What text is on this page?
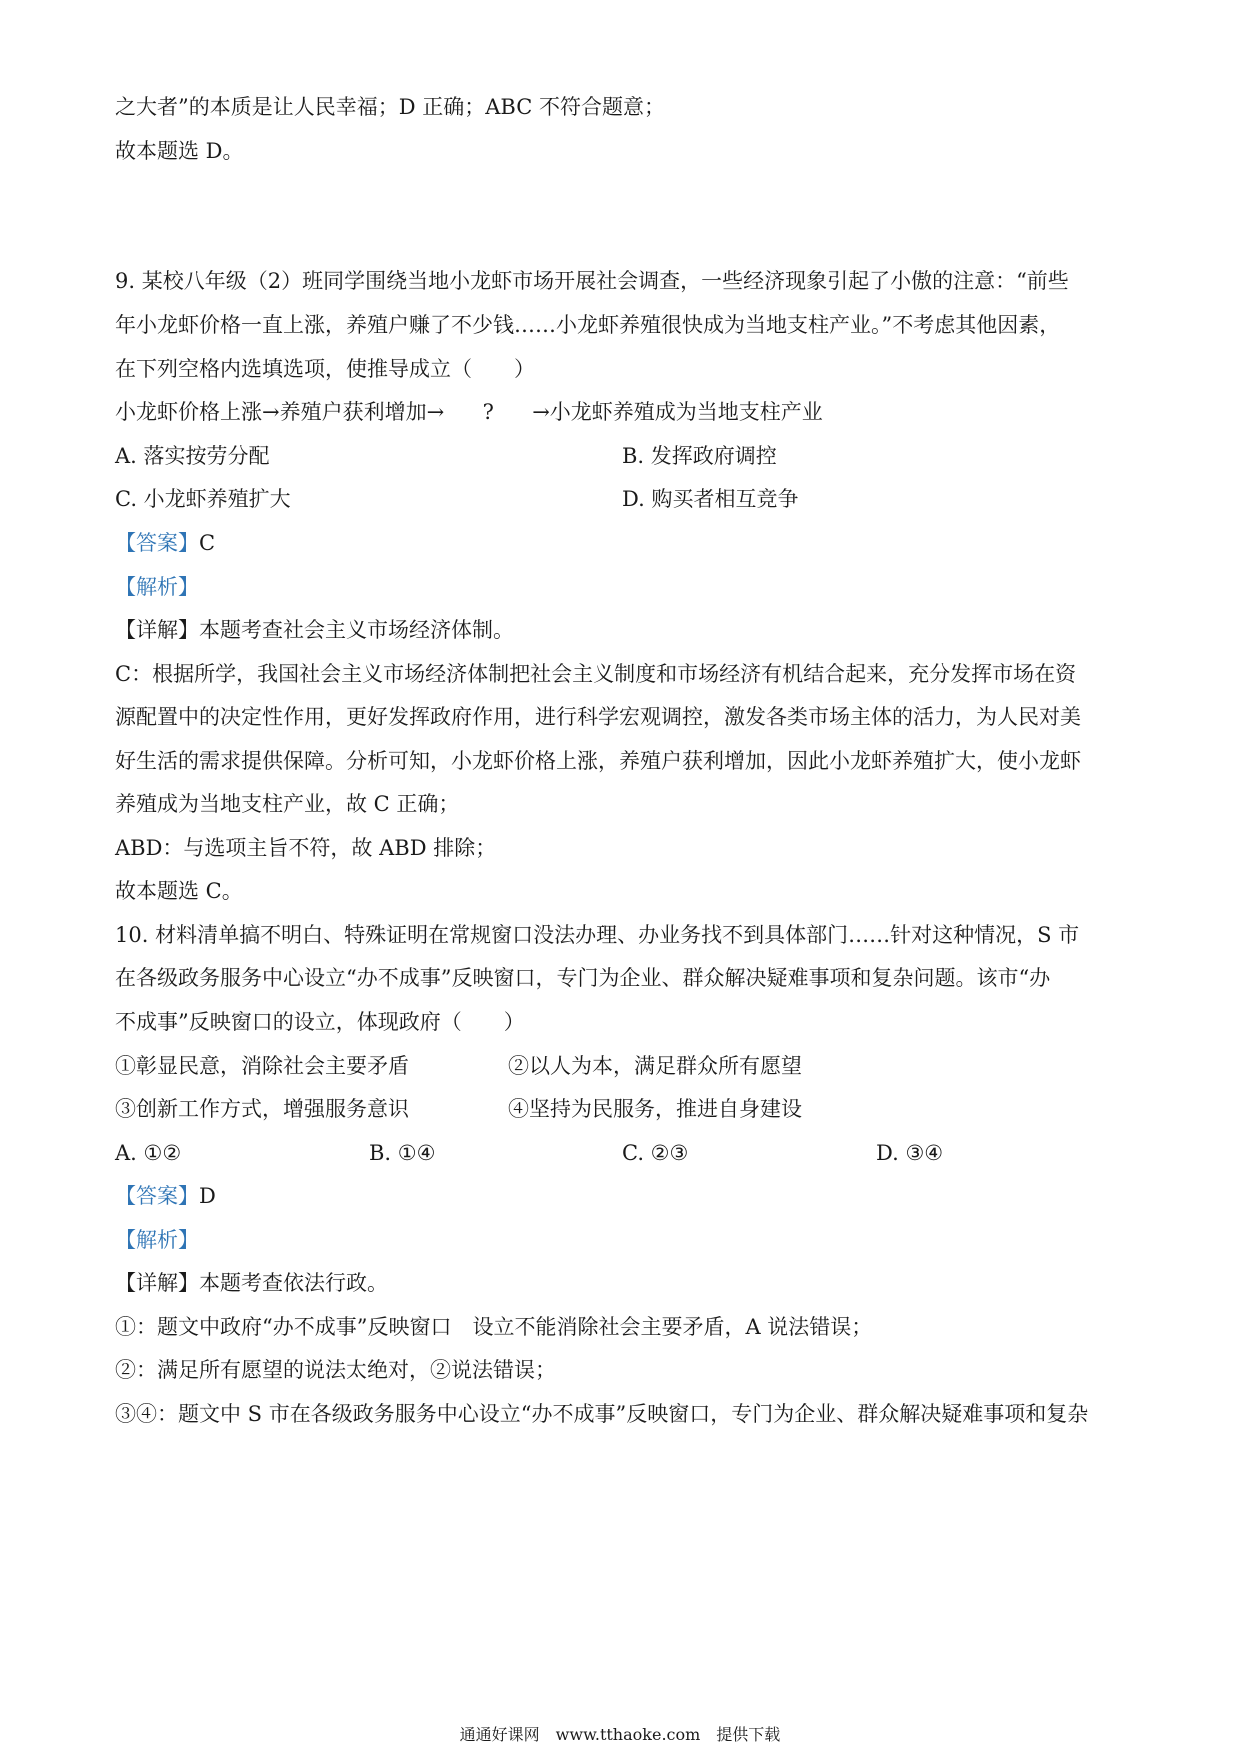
之大者”的本质是让人民幸福；D 正确；ABC 不符合题意；
故本题选 D。
9. 某校八年级（2）班同学围绕当地小龙虾市场开展社会调查，一些经济现象引起了小傲的注意：“前些
年小龙虾价格一直上涨，养殖户赚了不少钱……小龙虾养殖很快成为当地支柱产业。”不考虑其他因素，
在下列空格内选填选项，使推导成立（　　）
小龙虾价格上涨→养殖户获利增加→ ? →小龙虾养殖成为当地支柱产业
A. 落实按劳分配	B. 发挥政府调控
C. 小龙虾养殖扩大	D. 购买者相互竞争
【答案】C
【解析】
【详解】本题考查社会主义市场经济体制。
C：根据所学，我国社会主义市场经济体制把社会主义制度和市场经济有机结合起来，充分发挥市场在资
源配置中的决定性作用，更好发挥政府作用，进行科学宏观调控，激发各类市场主体的活力，为人民对美
好生活的需求提供保障。分析可知，小龙虾价格上涨，养殖户获利增加，因此小龙虾养殖扩大，使小龙虾
养殖成为当地支柱产业，故 C 正确；
ABD：与选项主旨不符，故 ABD 排除；
故本题选 C。
10. 材料清单搞不明白、特殊证明在常规窗口没法办理、办业务找不到具体部门……针对这种情况，S 市
在各级政务服务中心设立“办不成事”反映窗口，专门为企业、群众解决疑难事项和复杂问题。该市“办
不成事”反映窗口的设立，体现政府（　　）
①彰显民意，消除社会主要矛盾	②以人为本，满足群众所有愿望
③创新工作方式，增强服务意识	④坚持为民服务，推进自身建设
A. ①②	B. ①④	C. ②③	D. ③④
【答案】D
【解析】
【详解】本题考查依法行政。
①：题文中政府“办不成事”反映窗口　设立不能消除社会主要矛盾，A 说法错误；
②：满足所有愿望的说法太绝对，②说法错误；
③④：题文中 S 市在各级政务服务中心设立“办不成事”反映窗口，专门为企业、群众解决疑难事项和复杂
通通好课网　www.tthaoke.com　提供下载
